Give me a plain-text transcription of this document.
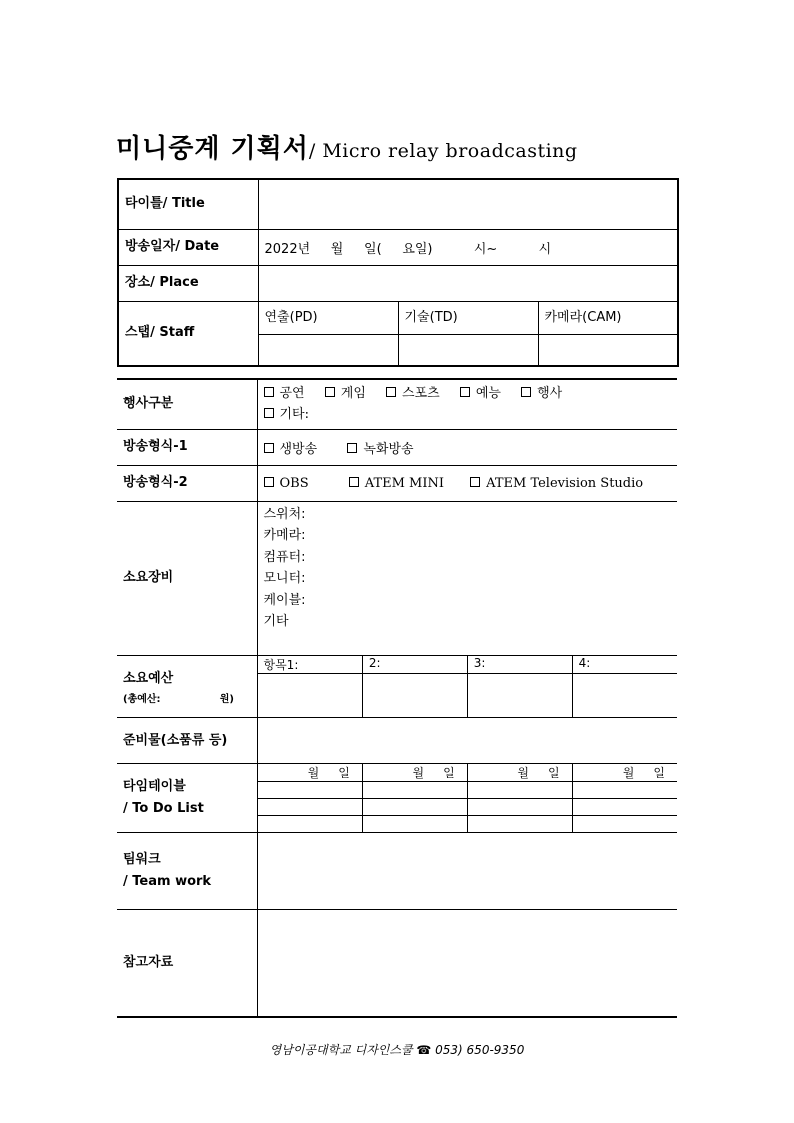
미니중계 기획서/ Micro relay broadcasting
타이틀/ Title			
방송일자/ Date	2022년     월     일(     요일)          시~          시		
장소/ Place			
스탭/ Staff	연출(PD)	기술(TD)	카메라(CAM)

행사구분	공연	게임	스포츠	예능	행사
기타:
방송형식-1	생방송	녹화방송
방송형식-2	OBS	ATEM MINI	ATEM Television Studio
소요장비	
스위처:
카메라:
컴퓨터:
모니터:
케이블:
기타

소요예산
(총예산:                 원)

항목1:	2:	3:	4:

준비물(소품류 등)	

타임테이블
/ To Do List

월     일	월     일	월     일	월     일

팀워크
/ Team work

참고자료	
영남이공대학교 디자인스쿨 ☎ 053) 650-9350
